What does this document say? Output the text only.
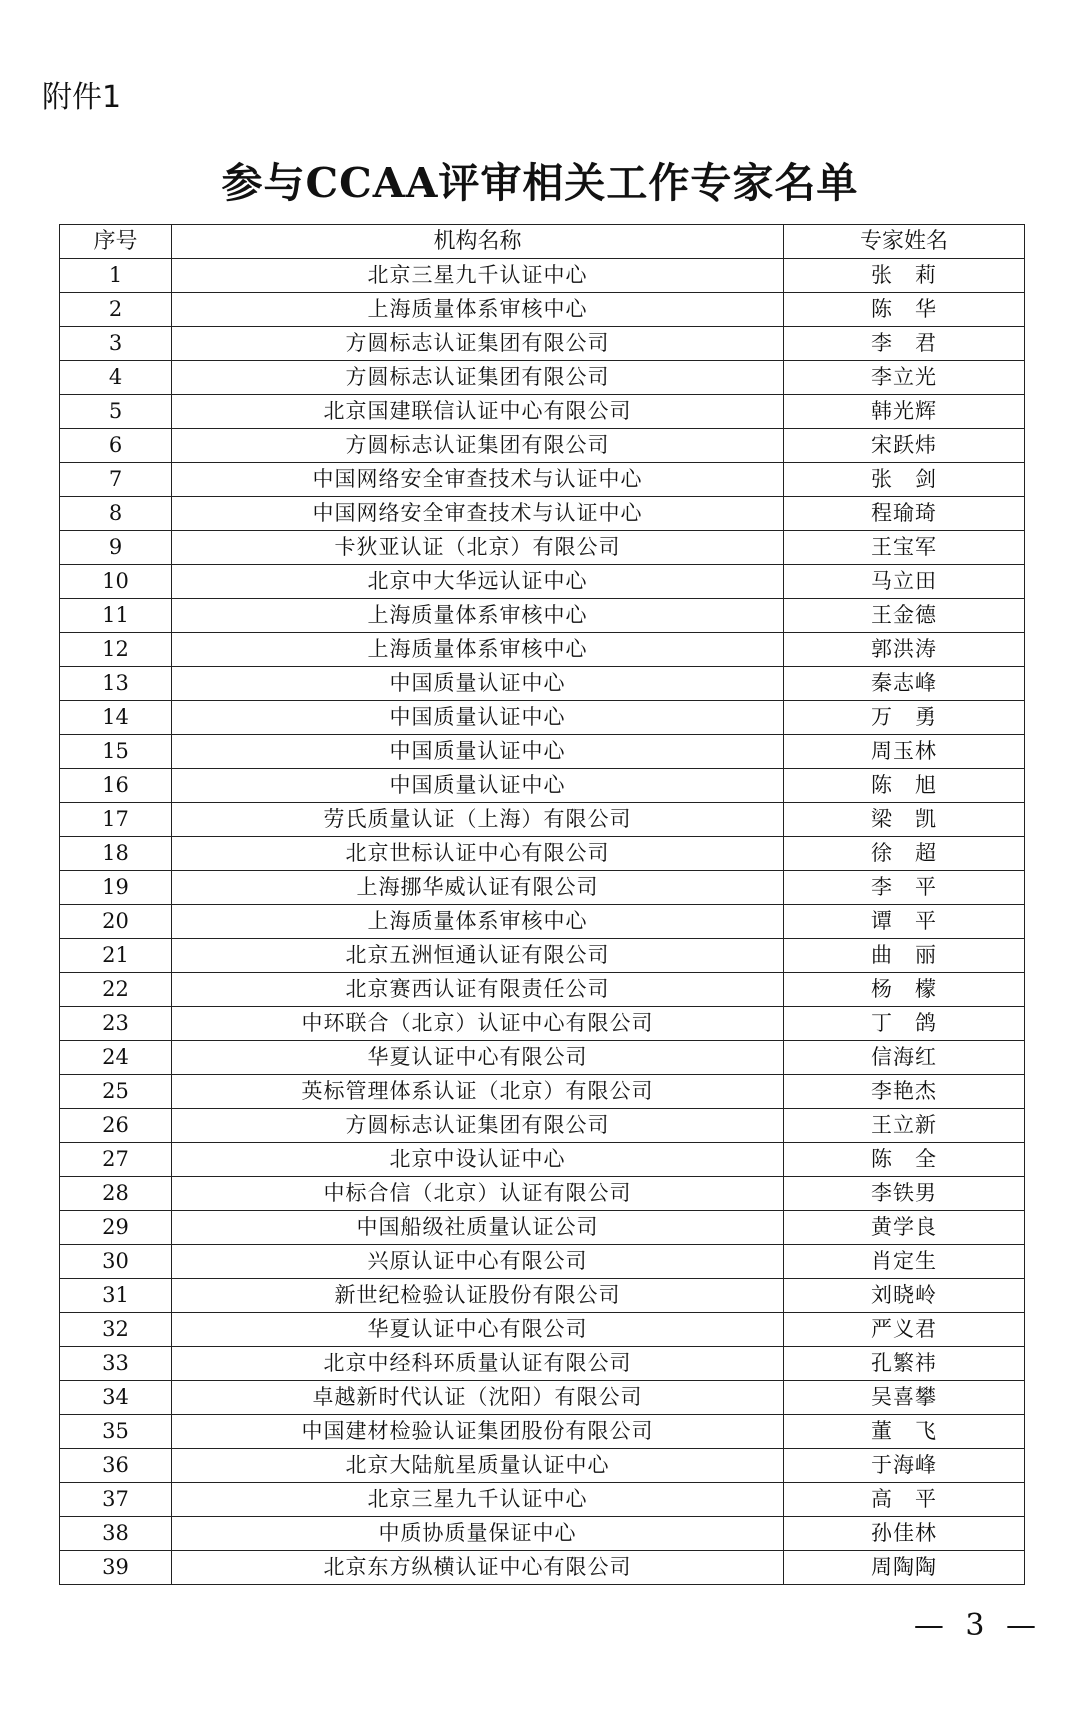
附件1
参与CCAA评审相关工作专家名单
序号	机构名称	专家姓名
1	北京三星九千认证中心	张　莉
2	上海质量体系审核中心	陈　华
3	方圆标志认证集团有限公司	李　君
4	方圆标志认证集团有限公司	李立光
5	北京国建联信认证中心有限公司	韩光辉
6	方圆标志认证集团有限公司	宋跃炜
7	中国网络安全审查技术与认证中心	张　剑
8	中国网络安全审查技术与认证中心	程瑜琦
9	卡狄亚认证（北京）有限公司	王宝军
10	北京中大华远认证中心	马立田
11	上海质量体系审核中心	王金德
12	上海质量体系审核中心	郭洪涛
13	中国质量认证中心	秦志峰
14	中国质量认证中心	万　勇
15	中国质量认证中心	周玉林
16	中国质量认证中心	陈　旭
17	劳氏质量认证（上海）有限公司	梁　凯
18	北京世标认证中心有限公司	徐　超
19	上海挪华威认证有限公司	李　平
20	上海质量体系审核中心	谭　平
21	北京五洲恒通认证有限公司	曲　丽
22	北京赛西认证有限责任公司	杨　檬
23	中环联合（北京）认证中心有限公司	丁　鸽
24	华夏认证中心有限公司	信海红
25	英标管理体系认证（北京）有限公司	李艳杰
26	方圆标志认证集团有限公司	王立新
27	北京中设认证中心	陈　全
28	中标合信（北京）认证有限公司	李铁男
29	中国船级社质量认证公司	黄学良
30	兴原认证中心有限公司	肖定生
31	新世纪检验认证股份有限公司	刘晓岭
32	华夏认证中心有限公司	严义君
33	北京中经科环质量认证有限公司	孔繁祎
34	卓越新时代认证（沈阳）有限公司	吴喜攀
35	中国建材检验认证集团股份有限公司	董　飞
36	北京大陆航星质量认证中心	于海峰
37	北京三星九千认证中心	高　平
38	中质协质量保证中心	孙佳林
39	北京东方纵横认证中心有限公司	周陶陶
— 3 —
